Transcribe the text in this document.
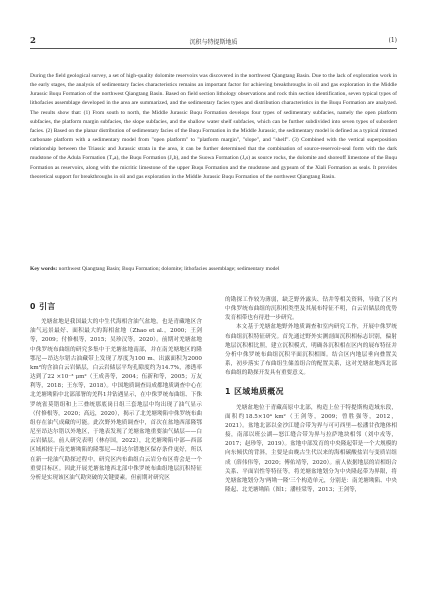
2	沉积与特提斯地质	(1)
During the field geological survey, a set of high-quality dolomite reservoirs was discovered in the northwest Qiangtang Basin. Due to the lack of exploration work in the early stages, the analysis of sedimentary facies characteristics remains an important factor for achieving breakthroughs in oil and gas exploration in the Middle Jurassic Buqu Formation of the northwest Qiangtang Basin. Based on field section lithology observations and rock thin section identification, seven typical types of lithofacies assemblage developed in the area are summarized, and the sedimentary facies types and distribution characteristics in the Buqu Formation are analyzed. The results show that: (1) From south to north, the Middle Jurassic Buqu Formation develops four types of sedimentary subfacies, namely the open platform subfacies, the platform margin subfacies, the slope subfacies, and the shallow water shelf subfacies, which can be further subdivided into seven types of subordert facies. (2) Based on the planar distribution of sedimentary facies of the Buqu Formation in the Middle Jurassic, the sedimentary model is defined as a typical rimmed carbonate platform with a sedimentary model from "open platform" to "platform margin", "slope", and "shelf". (3) Combined with the vertical superposition relationship between the Triassic and Jurassic strata in the area, it can be further determined that the combination of source-reservoir-seal form with the dark mudstone of the Adula Formation (T₃a), the Buqu Formation (J₂b), and the Suowa Formation (J₃s) as source rocks, the dolomite and shoreoff limestone of the Buqu Formation as reservoirs, along with the micritic limestone of the upper Buqu Formation and the mudstone and gypsum of the Xiali Formation as seals. It provides theoretical support for breakthroughs in oil and gas exploration in the Middle Jurassic Buqu Formation of the northwest Qiangtang Basin.
Key words: northwest Qiangtang Basin; Buqu Formation; dolomite; lithofacies assemblage; sedimentary model
0 引言

羌塘盆地是我国最大的中生代海相含油气盆地，也是青藏地区含油气远景最好、面积最大的海相盆地（Zhao et al.，2000；王剑等，2009；付修根等，2015；吴珍汉等，2020）。前期对羌塘盆地中侏罗统布曲组的研究多集中于羌塘盆地南部，并在南羌塘地区的隆鄂尼—昂达尔错古油藏带上发现了厚度为100 m、出露面积为2000 km²的含油白云岩储层，白云岩储层平均孔隙度约为14.7%，渗透率达到了22 ×10⁻³ μm²（王成善等，2004；伍新和等，2005；万友利等，2018；王东等，2018）。中国地质调查局成都地质调查中心在北羌塘坳陷中北部部署的羌科1井钻遇显示，在中侏罗统布曲组、下侏罗统雀莫错组和上三叠统那底岗日组三套地层中均出现了油气显示（付修根等，2020；高远，2020），揭示了北羌塘坳陷中侏罗统布曲组存在油气成藏的可能。此次野外地质调查中，首次在盆地西部隆鄂尼至昂达尔错以外地区，于地表发现了羌塘盆地重要油气储层——白云岩储层。前人研究表明（林存国，2022），北羌塘坳陷中部—西部区域相较于南羌塘坳陷的隆鄂尼—昂达尔错地区保存条件更好，所以在新一轮油气勘探过程中，研究区内布曲组白云岩分布区将会是一个重要目标区。因此开展羌塘盆地西北部中侏罗统布曲组地层沉积特征分析是实现该区油气勘突破的关键要素。但前期对研究区

的勘探工作较为薄弱，缺乏野外露头、钻井等相关资料，导致了区内中侏罗统布曲组的沉积相类型及其展布特征不明，白云岩储层的优势发育相带也有待进一步研究。

本文基于羌塘盆地野外地质调查和室内研究工作，开展中侏罗统布曲组沉积特征研究。首先通过野外实测剖面沉积相标志识别，偏射地层沉积相比照，建立沉积模式，明确各沉积相在区内的展布特征并分析中侏罗统布曲组沉积平面沉积相图。结合区内地层垂向叠置关系，初步落实了布曲组生储盖组合的配置关系，这对羌塘盆地西北部布曲组的勘探开发具有重要意义。

1 区域地质概况

羌塘盆地位于青藏高原中北部，构造上位于特提斯构造域东段，面积约18.5×10⁴ km²（王剑等，2009；曾胜强等，2012，2021）。盆地北部以金沙江缝合带为界与可可西里—松潘甘孜地体相接，南部以班公湖—怒江缝合带为界与拉萨地块相邻（刘中戎等，2017；赵珍等，2019）。盆地中部发育的中央隆起带是一个大规模的向东倾伏的背斜，主要是由晚古生代以来的海相碳酸盐岩与变质岩组成（薛伟伟等，2020；傅佑靖等，2020）。前人依据地层的岩相组合关系、平面岩性等特征等，将羌塘盆地划分为中央隆起带为界限，将羌塘盆地划分为'两坳一隆'三个构造单元，分别是：南羌塘坳陷、中央隆起、北羌塘坳陷（图1；潘桂棠等，2013；王剑等，
